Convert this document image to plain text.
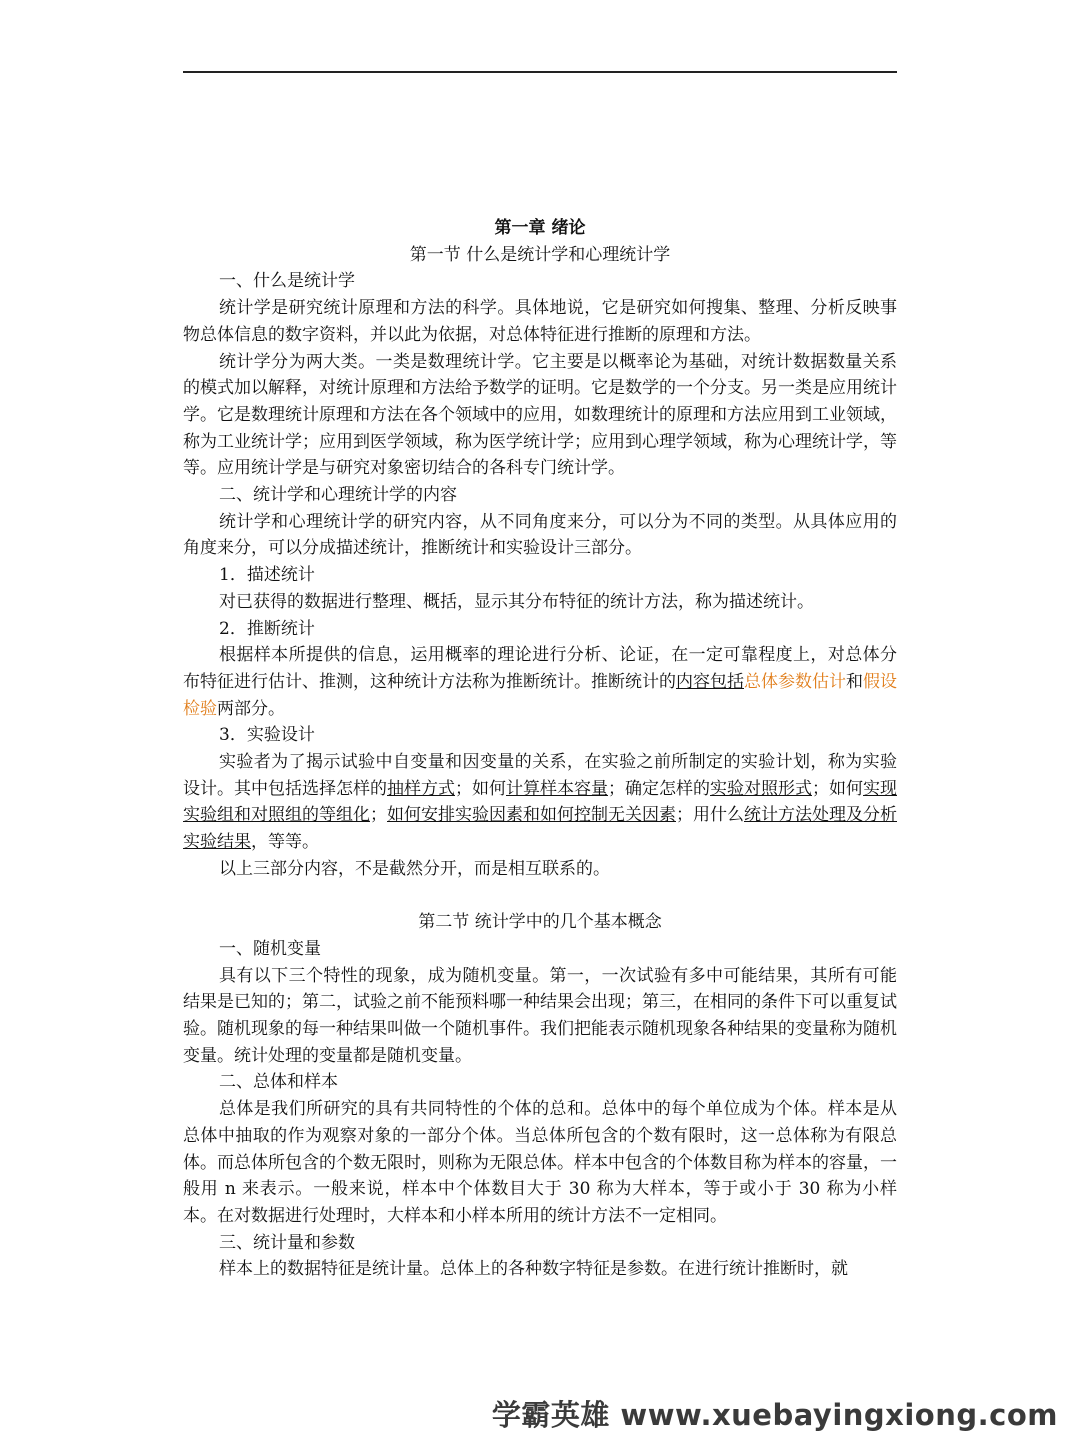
第一章 绪论
第一节 什么是统计学和心理统计学

一、什么是统计学

统计学是研究统计原理和方法的科学。具体地说，它是研究如何搜集、整理、分析反映事物总体信息的数字资料，并以此为依据，对总体特征进行推断的原理和方法。

统计学分为两大类。一类是数理统计学。它主要是以概率论为基础，对统计数据数量关系的模式加以解释，对统计原理和方法给予数学的证明。它是数学的一个分支。另一类是应用统计学。它是数理统计原理和方法在各个领域中的应用，如数理统计的原理和方法应用到工业领域，称为工业统计学；应用到医学领域，称为医学统计学；应用到心理学领域，称为心理统计学，等等。应用统计学是与研究对象密切结合的各科专门统计学。

二、统计学和心理统计学的内容

统计学和心理统计学的研究内容，从不同角度来分，可以分为不同的类型。从具体应用的角度来分，可以分成描述统计，推断统计和实验设计三部分。

1．描述统计

对已获得的数据进行整理、概括，显示其分布特征的统计方法，称为描述统计。

2．推断统计

根据样本所提供的信息，运用概率的理论进行分析、论证，在一定可靠程度上，对总体分布特征进行估计、推测，这种统计方法称为推断统计。推断统计的内容包括总体参数估计和假设检验两部分。

3．实验设计

实验者为了揭示试验中自变量和因变量的关系，在实验之前所制定的实验计划，称为实验设计。其中包括选择怎样的抽样方式；如何计算样本容量；确定怎样的实验对照形式；如何实现实验组和对照组的等组化；如何安排实验因素和如何控制无关因素；用什么统计方法处理及分析实验结果，等等。

以上三部分内容，不是截然分开，而是相互联系的。

第二节 统计学中的几个基本概念

一、随机变量

具有以下三个特性的现象，成为随机变量。第一，一次试验有多中可能结果，其所有可能结果是已知的；第二，试验之前不能预料哪一种结果会出现；第三，在相同的条件下可以重复试验。随机现象的每一种结果叫做一个随机事件。我们把能表示随机现象各种结果的变量称为随机变量。统计处理的变量都是随机变量。

二、总体和样本

总体是我们所研究的具有共同特性的个体的总和。总体中的每个单位成为个体。样本是从总体中抽取的作为观察对象的一部分个体。当总体所包含的个数有限时，这一总体称为有限总体。而总体所包含的个数无限时，则称为无限总体。样本中包含的个体数目称为样本的容量，一般用 n 来表示。一般来说，样本中个体数目大于 30 称为大样本，等于或小于 30 称为小样本。在对数据进行处理时，大样本和小样本所用的统计方法不一定相同。

三、统计量和参数

样本上的数据特征是统计量。总体上的各种数字特征是参数。在进行统计推断时，就

学霸英雄 www.xuebayingxiong.com
